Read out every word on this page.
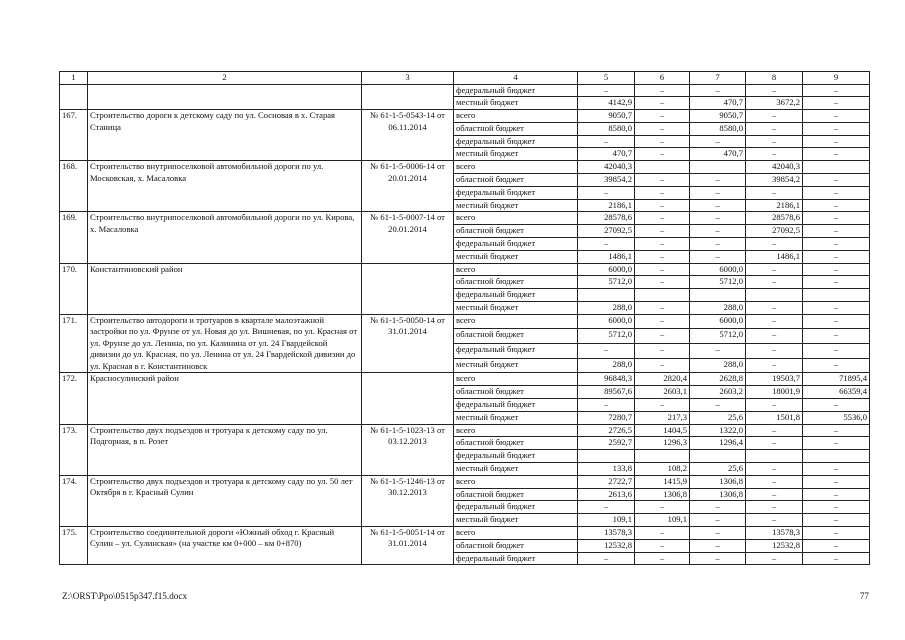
1	2	3	4	5	6	7	8	9
			федеральный бюджет	–	–	–	–	–
			местный бюджет	4142,9	–	470,7	3672,2	–
167.	Строительство дороги к детскому саду по ул. Сосновая в х. Старая Станица	№ 61-1-5-0543-14 от 06.11.2014	всего	9050,7	–	9050,7	–	–
			областной бюджет	8580,0	–	8580,0	–	–
			федеральный бюджет	–	–	–	–	–
			местный бюджет	470,7	–	470,7	–	–
168.	Строительство внутрипоселковой автомобильной дороги по ул. Московская, х. Масаловка	№ 61-1-5-0006-14 от 20.01.2014	всего	42040,3			42040,3	
			областной бюджет	39854,2	–	–	39854,2	–
			федеральный бюджет	–	–	–	–	–
			местный бюджет	2186,1	–	–	2186,1	–
169.	Строительство внутрипоселковой автомобильной дороги по ул. Кирова, х. Масаловка	№ 61-1-5-0007-14 от 20.01.2014	всего	28578,6	–	–	28578,6	–
			областной бюджет	27092,5	–	–	27092,5	–
			федеральный бюджет	–	–	–	–	–
			местный бюджет	1486,1	–	–	1486,1	–
170.	Константиновский район		всего	6000,0	–	6000,0	–	–
			областной бюджет	5712,0	–	5712,0	–	–
			федеральный бюджет					
			местный бюджет	288,0	–	288,0	–	–
171.	Строительство автодороги и тротуаров в квартале малоэтажной застройки по ул. Фрунзе от ул. Новая до ул. Вишневая, по ул. Красная от ул. Фрунзе до ул. Ленина, по ул. Калинина от ул. 24 Гвардейской дивизии до ул. Красная, по ул. Ленина от ул. 24 Гвардейской дивизии до ул. Красная в г. Константиновск	№ 61-1-5-0050-14 от 31.01.2014	всего	6000,0	–	6000,0	–	–
			областной бюджет	5712,0	–	5712,0	–	–
			федеральный бюджет	–	–	–	–	–
			местный бюджет	288,0	–	288,0	–	–
172.	Красносулинский район		всего	96848,3	2820,4	2628,8	19503,7	71895,4
			областной бюджет	89567,6	2603,1	2603,2	18001,9	66359,4
			федеральный бюджет	–	–	–	–	–
			местный бюджет	7280,7	217,3	25,6	1501,8	5536,0
173.	Строительство двух подъездов и тротуара к детскому саду по ул. Подгорная, в п. Розет	№ 61-1-5-1023-13 от 03.12.2013	всего	2726,5	1404,5	1322,0	–	–
			областной бюджет	2592,7	1296,3	1296,4	–	–
			федеральный бюджет					
			местный бюджет	133,8	108,2	25,6	–	–
174.	Строительство двух подъездов и тротуара к детскому саду по ул. 50 лет Октября в г. Красный Сулин	№ 61-1-5-1246-13 от 30.12.2013	всего	2722,7	1415,9	1306,8	–	–
			областной бюджет	2613,6	1306,8	1306,8	–	–
			федеральный бюджет	–	–	–	–	–
			местный бюджет	109,1	109,1	–	–	–
175.	Строительство соединительной дороги «Южный обход г. Красный Сулин – ул. Сулинская» (на участке км 0+000 – км 0+870)	№ 61-1-5-0051-14 от 31.01.2014	всего	13578,3	–	–	13578,3	–
			областной бюджет	12532,8	–	–	12532,8	–
			федеральный бюджет	–	–	–	–	–
Z:\ORST\Ppo\0515p347.f15.docx	77
